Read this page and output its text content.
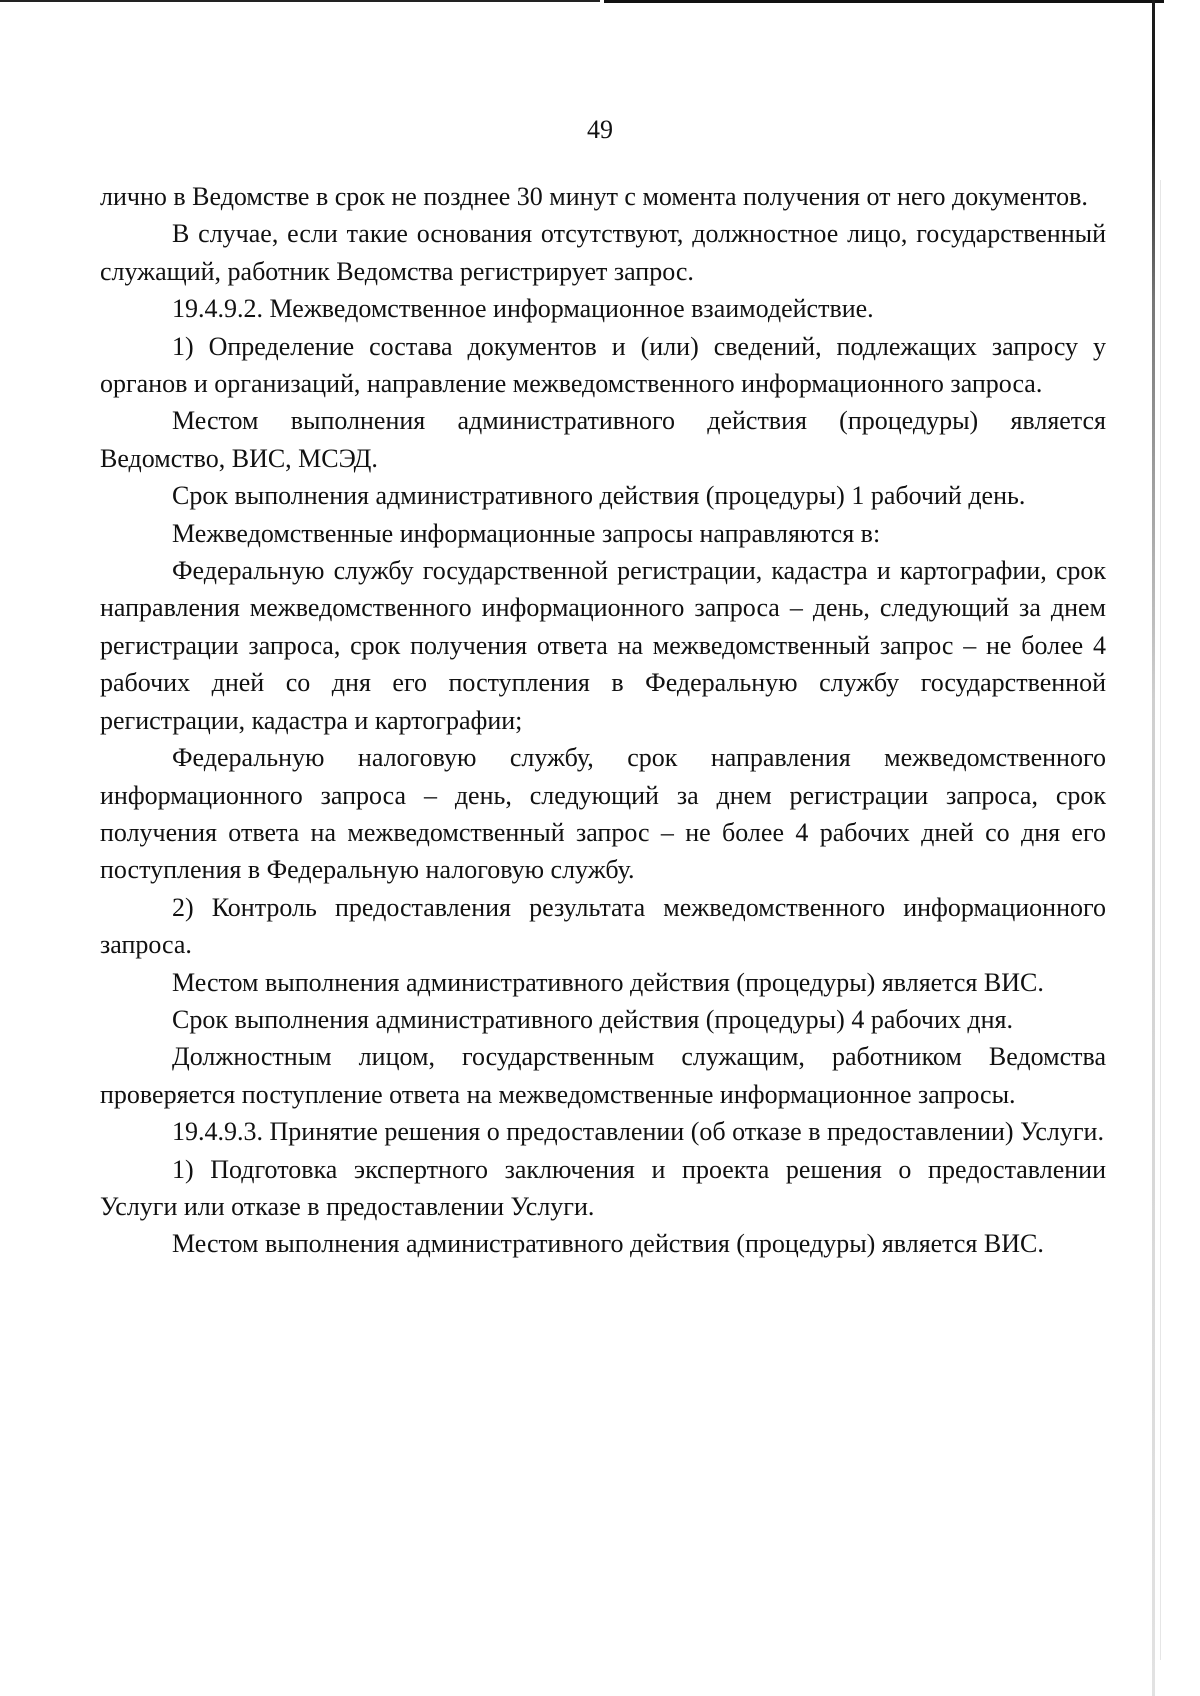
49

лично в Ведомстве в срок не позднее 30 минут с момента получения от него документов.

В случае, если такие основания отсутствуют, должностное лицо, государственный служащий, работник Ведомства регистрирует запрос.

19.4.9.2. Межведомственное информационное взаимодействие.

1) Определение состава документов и (или) сведений, подлежащих запросу у органов и организаций, направление межведомственного информационного запроса.

Местом выполнения административного действия (процедуры) является Ведомство, ВИС, МСЭД.

Срок выполнения административного действия (процедуры) 1 рабочий день.

Межведомственные информационные запросы направляются в:

Федеральную службу государственной регистрации, кадастра и картографии, срок направления межведомственного информационного запроса – день, следующий за днем регистрации запроса, срок получения ответа на межведомственный запрос – не более 4 рабочих дней со дня его поступления в Федеральную службу государственной регистрации, кадастра и картографии;

Федеральную налоговую службу, срок направления межведомственного информационного запроса – день, следующий за днем регистрации запроса, срок получения ответа на межведомственный запрос – не более 4 рабочих дней со дня его поступления в Федеральную налоговую службу.

2) Контроль предоставления результата межведомственного информационного запроса.

Местом выполнения административного действия (процедуры) является ВИС.

Срок выполнения административного действия (процедуры) 4 рабочих дня.

Должностным лицом, государственным служащим, работником Ведомства проверяется поступление ответа на межведомственные информационное запросы.

19.4.9.3. Принятие решения о предоставлении (об отказе в предоставлении) Услуги.

1) Подготовка экспертного заключения и проекта решения о предоставлении Услуги или отказе в предоставлении Услуги.

Местом выполнения административного действия (процедуры) является ВИС.
